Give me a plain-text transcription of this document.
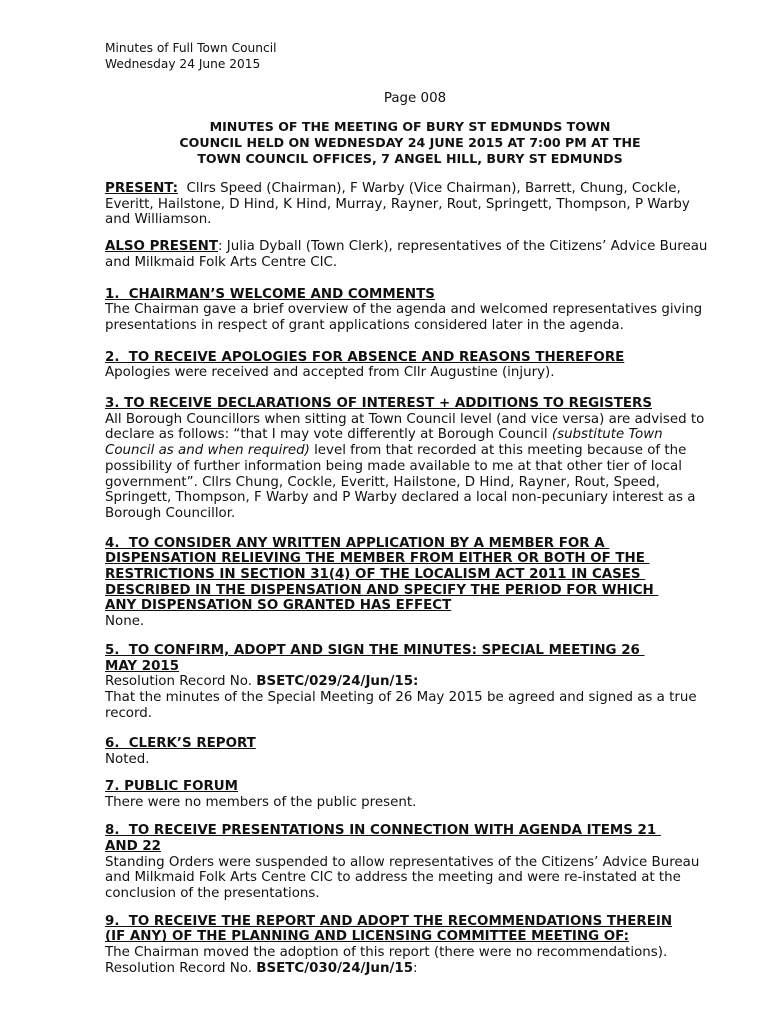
Minutes of Full Town Council
Wednesday 24 June 2015
Page 008
MINUTES OF THE MEETING OF BURY ST EDMUNDS TOWN
COUNCIL HELD ON WEDNESDAY 24 JUNE 2015 AT 7:00 PM AT THE
TOWN COUNCIL OFFICES, 7 ANGEL HILL, BURY ST EDMUNDS

PRESENT:  Cllrs Speed (Chairman), F Warby (Vice Chairman), Barrett, Chung, Cockle, Everitt, Hailstone, D Hind, K Hind, Murray, Rayner, Rout, Springett, Thompson, P Warby and Williamson.

ALSO PRESENT: Julia Dyball (Town Clerk), representatives of the Citizens’ Advice Bureau and Milkmaid Folk Arts Centre CIC.

1.  CHAIRMAN’S WELCOME AND COMMENTS
The Chairman gave a brief overview of the agenda and welcomed representatives giving presentations in respect of grant applications considered later in the agenda.
2.  TO RECEIVE APOLOGIES FOR ABSENCE AND REASONS THEREFORE
Apologies were received and accepted from Cllr Augustine (injury).
3. TO RECEIVE DECLARATIONS OF INTEREST + ADDITIONS TO REGISTERS
All Borough Councillors when sitting at Town Council level (and vice versa) are advised to declare as follows: “that I may vote differently at Borough Council (substitute Town Council as and when required) level from that recorded at this meeting because of the possibility of further information being made available to me at that other tier of local government”. Cllrs Chung, Cockle, Everitt, Hailstone, D Hind, Rayner, Rout, Speed, Springett, Thompson, F Warby and P Warby declared a local non-pecuniary interest as a Borough Councillor.
4.  TO CONSIDER ANY WRITTEN APPLICATION BY A MEMBER FOR A
DISPENSATION RELIEVING THE MEMBER FROM EITHER OR BOTH OF THE
RESTRICTIONS IN SECTION 31(4) OF THE LOCALISM ACT 2011 IN CASES
DESCRIBED IN THE DISPENSATION AND SPECIFY THE PERIOD FOR WHICH
ANY DISPENSATION SO GRANTED HAS EFFECT
None.
5.  TO CONFIRM, ADOPT AND SIGN THE MINUTES: SPECIAL MEETING 26
MAY 2015
Resolution Record No. BSETC/029/24/Jun/15:
That the minutes of the Special Meeting of 26 May 2015 be agreed and signed as a true record.
6.  CLERK’S REPORT
Noted.
7. PUBLIC FORUM
There were no members of the public present.
8.  TO RECEIVE PRESENTATIONS IN CONNECTION WITH AGENDA ITEMS 21
AND 22
Standing Orders were suspended to allow representatives of the Citizens’ Advice Bureau and Milkmaid Folk Arts Centre CIC to address the meeting and were re-instated at the conclusion of the presentations.
9.  TO RECEIVE THE REPORT AND ADOPT THE RECOMMENDATIONS THEREIN
(IF ANY) OF THE PLANNING AND LICENSING COMMITTEE MEETING OF:
The Chairman moved the adoption of this report (there were no recommendations).
Resolution Record No. BSETC/030/24/Jun/15:
